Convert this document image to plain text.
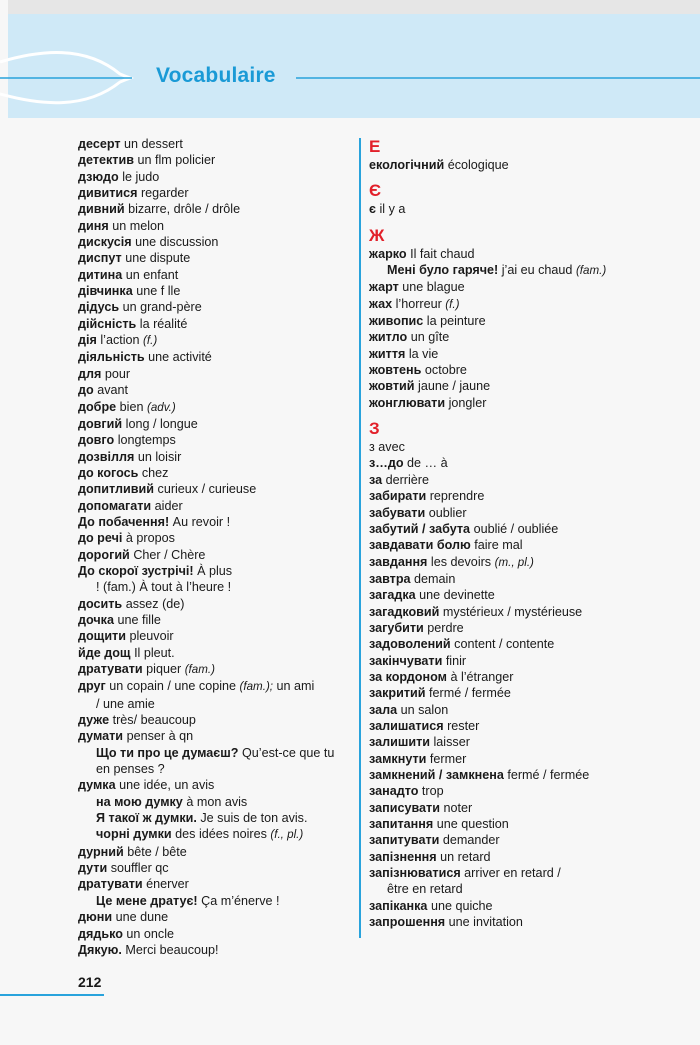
Vocabulaire
десерт un dessert
детектив un flm policier
дзюдо le judo
дивитися regarder
дивний bizarre, drôle / drôle
диня un melon
дискусія une discussion
диспут une dispute
дитина un enfant
дівчинка une f lle
дідусь un grand-père
дійсність la réalité
дія l’action (f.)
діяльність une activité
для pour
до avant
добре bien (adv.)
довгий long / longue
довго longtemps
дозвілля un loisir
до когось chez
допитливий curieux / curieuse
допомагати aider
До побачення! Au revoir !
до речі à propos
дорогий Cher / Chère
До скорої зустрічі! À plus
! (fam.) À tout à l’heure !
досить assez (de)
дочка une fille
дощити pleuvoir
йде дощ Il pleut.
дратувати piquer (fam.)
друг un copain / une copine (fam.); un ami
/ une amie
дуже très/ beaucoup
думати penser à qn
Що ти про це думаєш? Qu’est-ce que tu
en penses ?
думка une idée, un avis
на мою думку à mon avis
Я такої ж думки. Je suis de ton avis.
чорні думки des idées noires (f., pl.)
дурний bête / bête
дути souffler qc
дратувати énerver
Це мене дратує! Ça m’énerve !
дюни une dune
дядько un oncle
Дякую. Merci beaucoup!
Е
екологічний écologique
Є
є il y a
Ж
жарко Il fait chaud
Мені було гаряче! j’ai eu chaud (fam.)
жарт une blague
жах l’horreur (f.)
живопис la peinture
житло un gîte
життя la vie
жовтень octobre
жовтий jaune / jaune
жонглювати jongler
З
з avec
з…до de … à
за derrière
забирати reprendre
забувати oublier
забутий / забута oublié / oubliée
завдавати болю faire mal
завдання les devoirs (m., pl.)
завтра demain
загадка une devinette
загадковий mystérieux / mystérieuse
загубити perdre
задоволений content / contente
закінчувати finir
за кордоном à l’étranger
закритий fermé / fermée
зала un salon
залишатися rester
залишити laisser
замкнути fermer
замкнений / замкнена fermé / fermée
занадто trop
записувати noter
запитання une question
запитувати demander
запізнення un retard
запізнюватися arriver en retard /
être en retard
запіканка une quiche
запрошення une invitation
212
